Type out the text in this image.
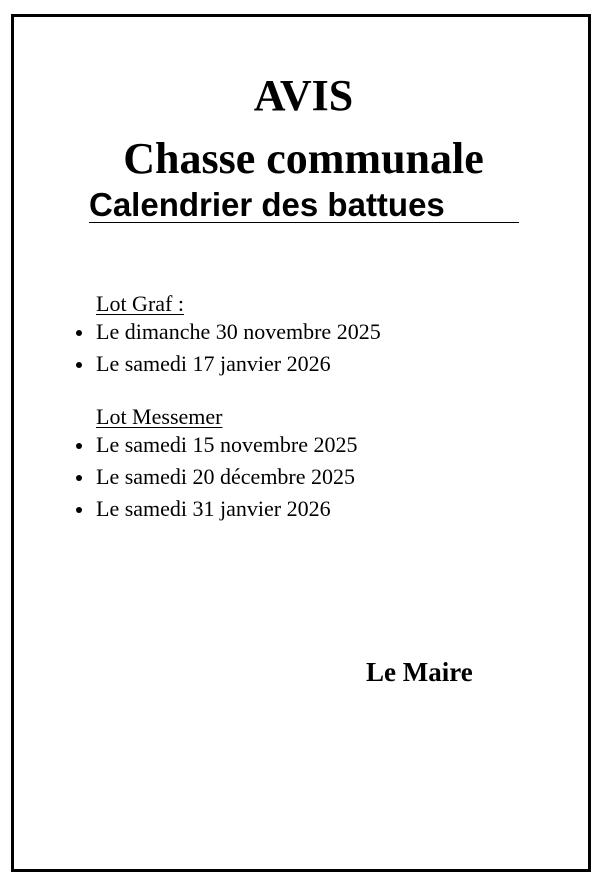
AVIS
Chasse communale
Calendrier des battues

Lot Graf :

Le dimanche 30 novembre 2025
Le samedi 17 janvier 2026

Lot Messemer

Le samedi 15 novembre 2025
Le samedi 20 décembre 2025
Le samedi 31 janvier 2026

Le Maire
